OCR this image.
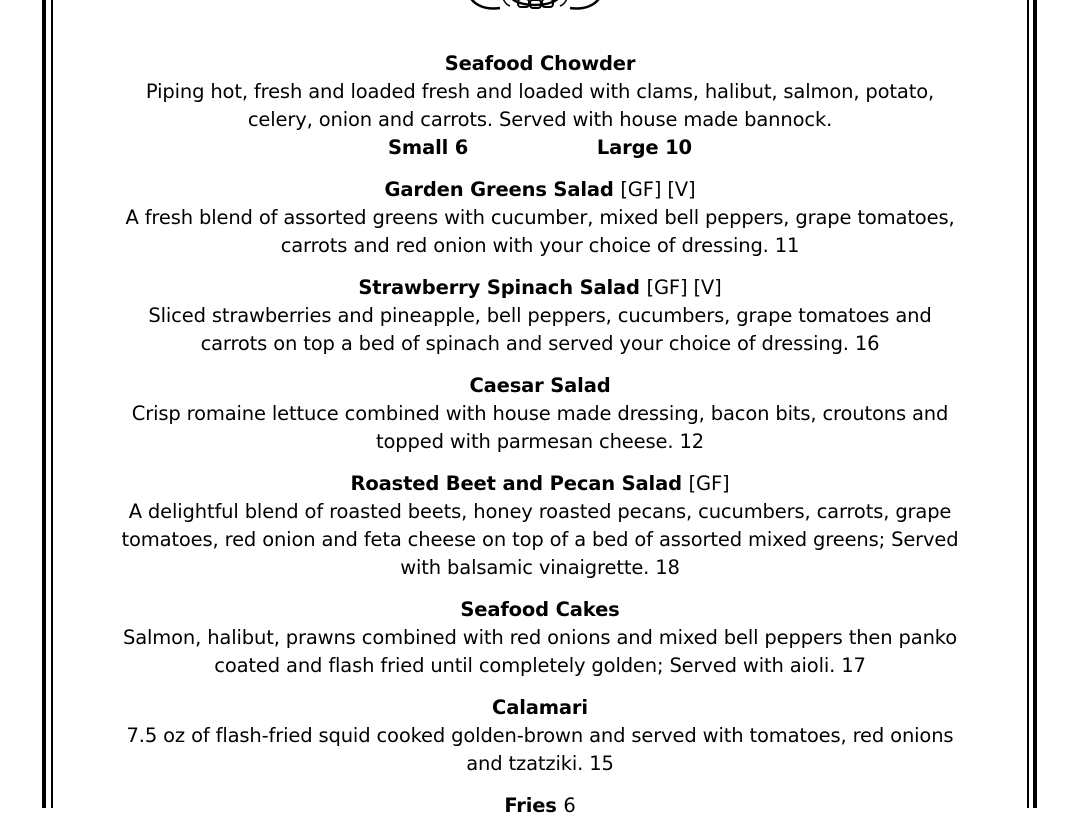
Seafood Chowder
Piping hot, fresh and loaded fresh and loaded with clams, halibut, salmon, potato, celery, onion and carrots. Served with house made bannock.
Small 6	Large 10
Garden Greens Salad [GF] [V]
A fresh blend of assorted greens with cucumber, mixed bell peppers, grape tomatoes, carrots and red onion with your choice of dressing. 11
Strawberry Spinach Salad [GF] [V]
Sliced strawberries and pineapple, bell peppers, cucumbers, grape tomatoes and carrots on top a bed of spinach and served your choice of dressing. 16
Caesar Salad
Crisp romaine lettuce combined with house made dressing, bacon bits, croutons and topped with parmesan cheese. 12
Roasted Beet and Pecan Salad [GF]
A delightful blend of roasted beets, honey roasted pecans, cucumbers, carrots, grape tomatoes, red onion and feta cheese on top of a bed of assorted mixed greens; Served with balsamic vinaigrette. 18
Seafood Cakes
Salmon, halibut, prawns combined with red onions and mixed bell peppers then panko coated and flash fried until completely golden; Served with aioli. 17
Calamari
7.5 oz of flash-fried squid cooked golden-brown and served with tomatoes, red onions and tzatziki. 15
Fries 6
